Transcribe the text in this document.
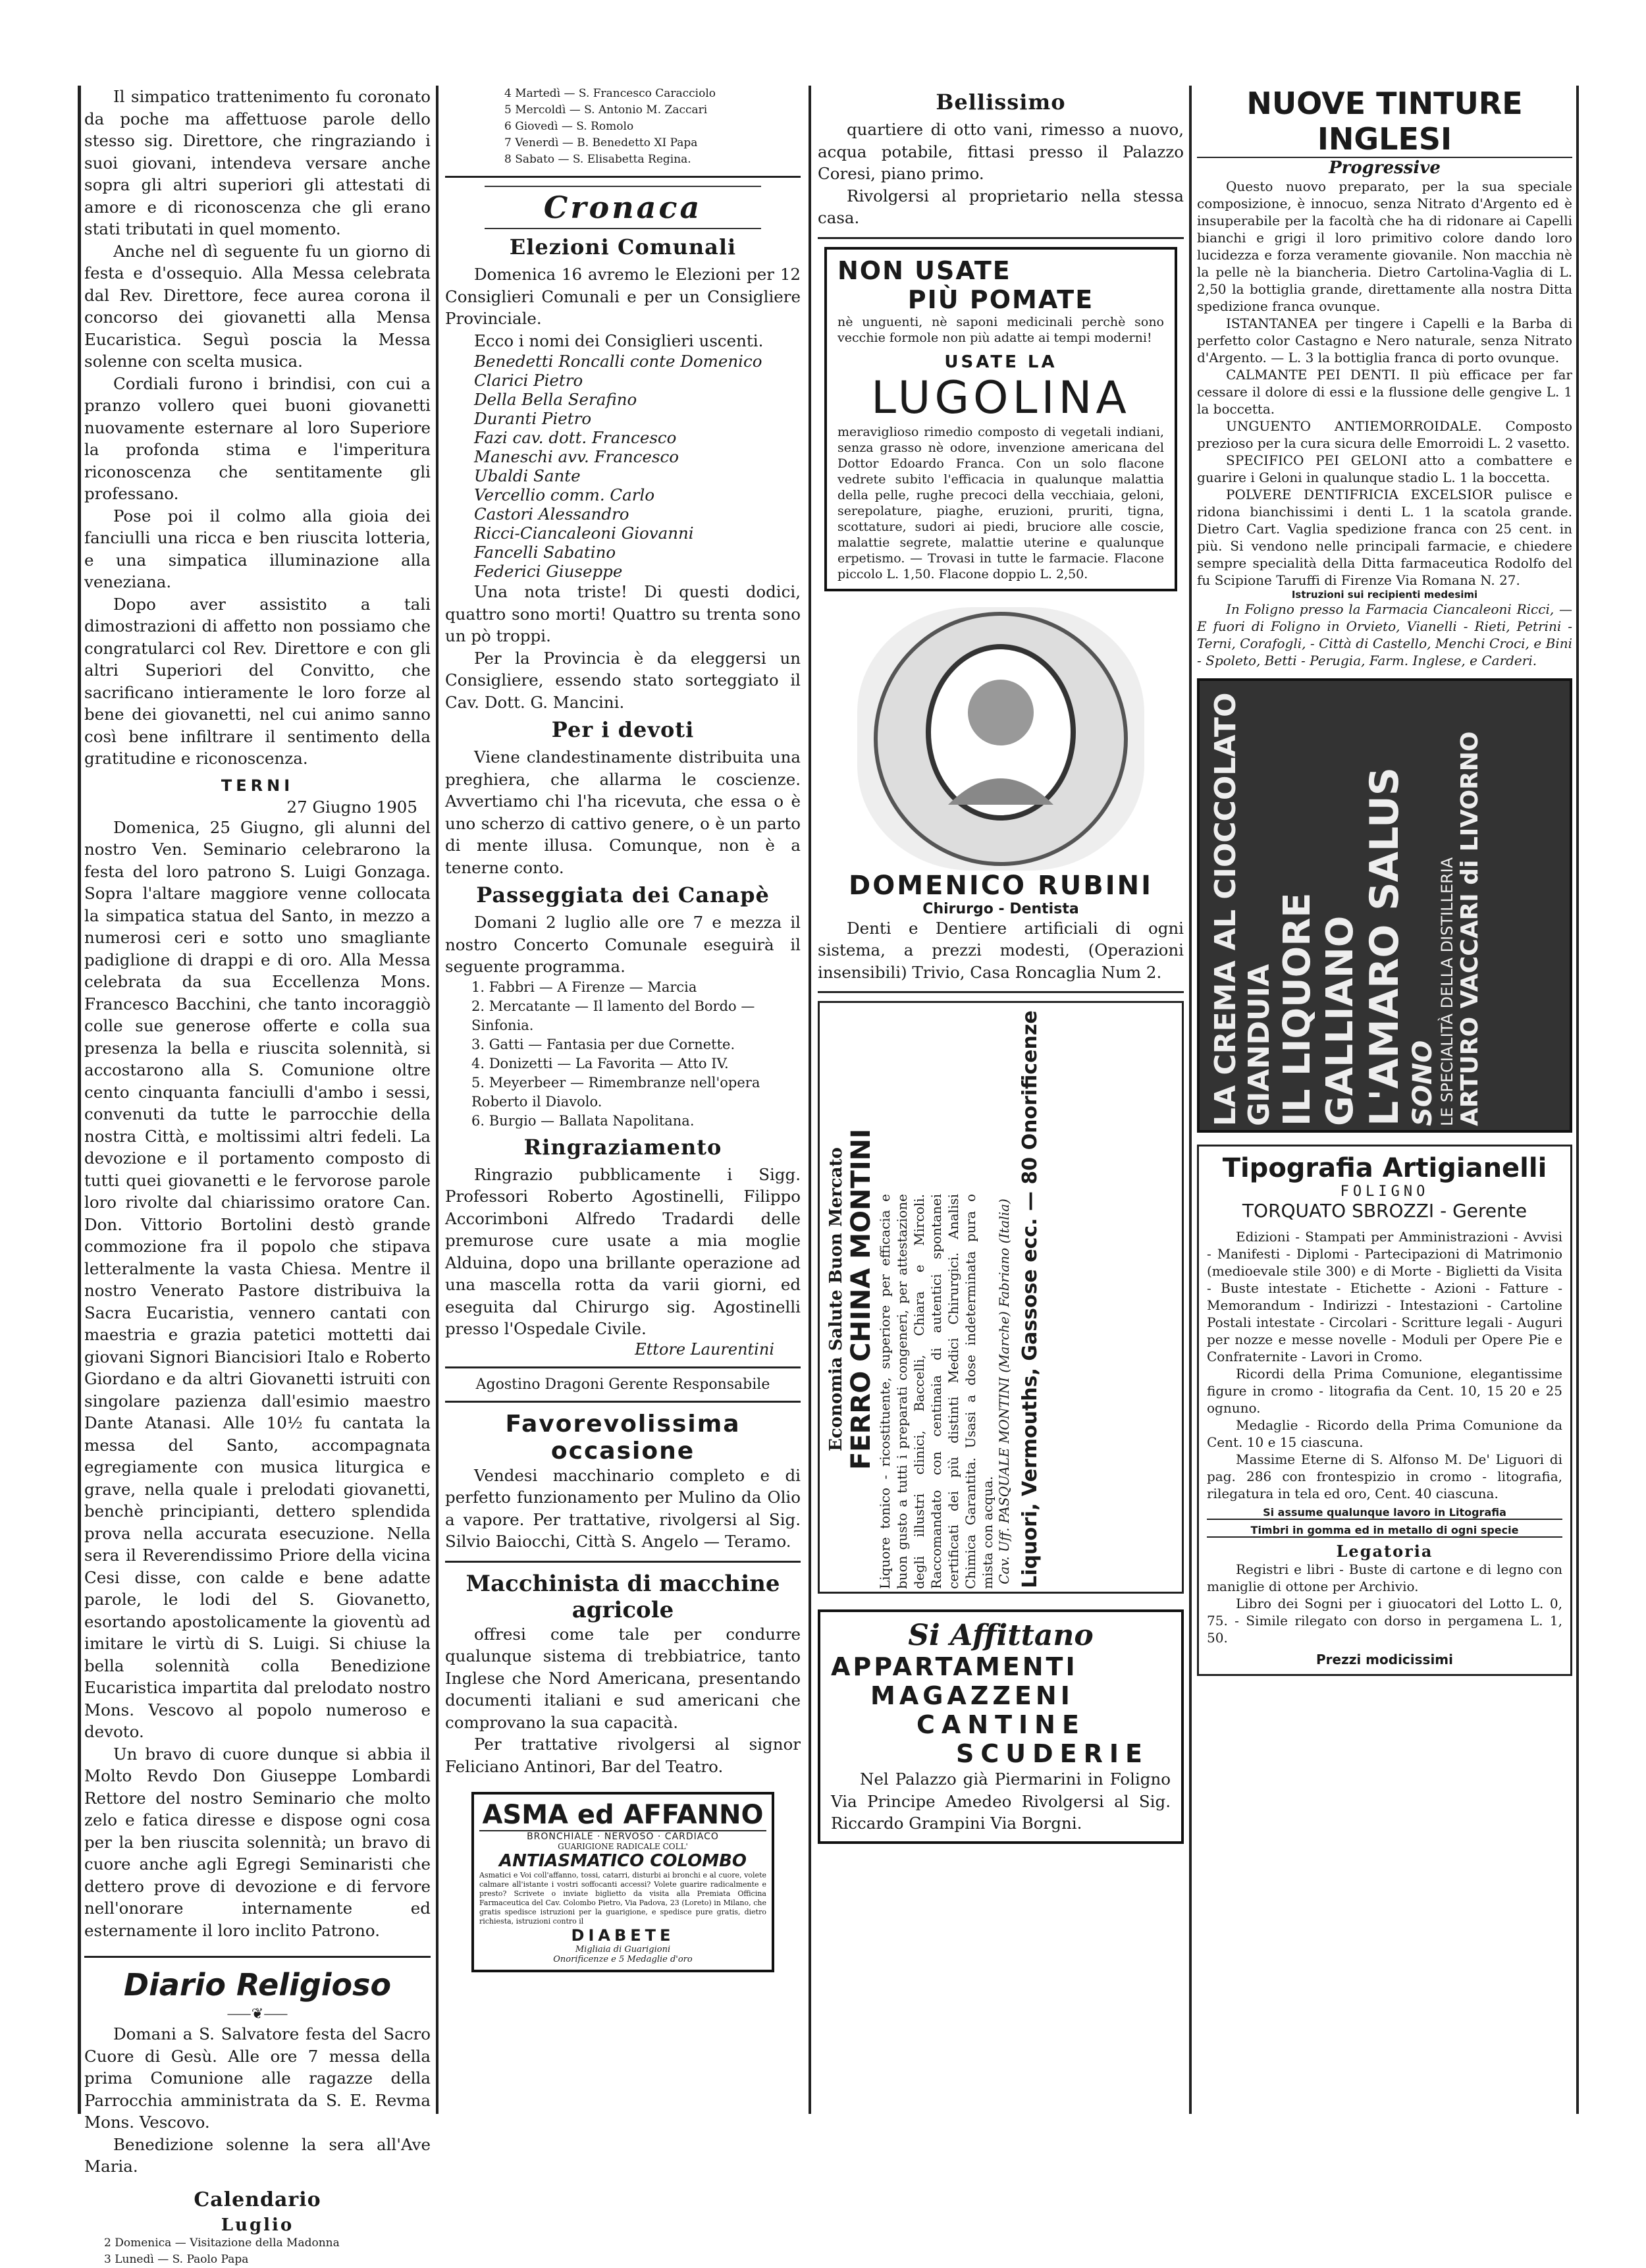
Il simpatico trattenimento fu coronato da poche ma affettuose parole dello stesso sig. Direttore, che ringraziando i suoi giovani, intendeva versare anche sopra gli altri superiori gli attestati di amore e di riconoscenza che gli erano stati tributati in quel momento.

Anche nel dì seguente fu un giorno di festa e d'ossequio. Alla Messa celebrata dal Rev. Direttore, fece aurea corona il concorso dei giovanetti alla Mensa Eucaristica. Seguì poscia la Messa solenne con scelta musica.

Cordiali furono i brindisi, con cui a pranzo vollero quei buoni giovanetti nuovamente esternare al loro Superiore la profonda stima e l'imperitura riconoscenza che sentitamente gli professano.

Pose poi il colmo alla gioia dei fanciulli una ricca e ben riuscita lotteria, e una simpatica illuminazione alla veneziana.

Dopo aver assistito a tali dimostrazioni di affetto non possiamo che congratularci col Rev. Direttore e con gli altri Superiori del Convitto, che sacrificano intieramente le loro forze al bene dei giovanetti, nel cui animo sanno così bene infiltrare il sentimento della gratitudine e riconoscenza.

TERNI
27 Giugno 1905

Domenica, 25 Giugno, gli alunni del nostro Ven. Seminario celebrarono la festa del loro patrono S. Luigi Gonzaga. Sopra l'altare maggiore venne collocata la simpatica statua del Santo, in mezzo a numerosi ceri e sotto uno smagliante padiglione di drappi e di oro. Alla Messa celebrata da sua Eccellenza Mons. Francesco Bacchini, che tanto incoraggiò colle sue generose offerte e colla sua presenza la bella e riuscita solennità, si accostarono alla S. Comunione oltre cento cinquanta fanciulli d'ambo i sessi, convenuti da tutte le parrocchie della nostra Città, e moltissimi altri fedeli. La devozione e il portamento composto di tutti quei giovanetti e le fervorose parole loro rivolte dal chiarissimo oratore Can. Don. Vittorio Bortolini destò grande commozione fra il popolo che stipava letteralmente la vasta Chiesa. Mentre il nostro Venerato Pastore distribuiva la Sacra Eucaristia, vennero cantati con maestria e grazia patetici mottetti dai giovani Signori Biancisiori Italo e Roberto Giordano e da altri Giovanetti istruiti con singolare pazienza dall'esimio maestro Dante Atanasi. Alle 10½ fu cantata la messa del Santo, accompagnata egregiamente con musica liturgica e grave, nella quale i prelodati giovanetti, benchè principianti, dettero splendida prova nella accurata esecuzione. Nella sera il Reverendissimo Priore della vicina Cesi disse, con calde e bene adatte parole, le lodi del S. Giovanetto, esortando apostolicamente la gioventù ad imitare le virtù di S. Luigi. Si chiuse la bella solennità colla Benedizione Eucaristica impartita dal prelodato nostro Mons. Vescovo al popolo numeroso e devoto.

Un bravo di cuore dunque si abbia il Molto Revdo Don Giuseppe Lombardi Rettore del nostro Seminario che molto zelo e fatica diresse e dispose ogni cosa per la ben riuscita solennità; un bravo di cuore anche agli Egregi Seminaristi che dettero prove di devozione e di fervore nell'onorare internamente ed esternamente il loro inclito Patrono.

Diario Religioso
⸺❦⸺

Domani a S. Salvatore festa del Sacro Cuore di Gesù. Alle ore 7 messa della prima Comunione alle ragazze della Parrocchia amministrata da S. E. Revma Mons. Vescovo.

Benedizione solenne la sera all'Ave Maria.

Calendario
Luglio
2 Domenica — Visitazione della Madonna
3 Lunedì — S. Paolo Papa
4 Martedì — S. Francesco Caracciolo
5 Mercoldì — S. Antonio M. Zaccari
6 Giovedì — S. Romolo
7 Venerdì — B. Benedetto XI Papa
8 Sabato — S. Elisabetta Regina.
Cronaca
Elezioni Comunali

Domenica 16 avremo le Elezioni per 12 Consiglieri Comunali e per un Consigliere Provinciale.

Ecco i nomi dei Consiglieri uscenti.

Benedetti Roncalli conte Domenico
Clarici Pietro
Della Bella Serafino
Duranti Pietro
Fazi cav. dott. Francesco
Maneschi avv. Francesco
Ubaldi Sante
Vercellio comm. Carlo
Castori Alessandro
Ricci-Ciancaleoni Giovanni
Fancelli Sabatino
Federici Giuseppe

Una nota triste! Di questi dodici, quattro sono morti! Quattro su trenta sono un pò troppi.

Per la Provincia è da eleggersi un Consigliere, essendo stato sorteggiato il Cav. Dott. G. Mancini.

Per i devoti

Viene clandestinamente distribuita una preghiera, che allarma le coscienze. Avvertiamo chi l'ha ricevuta, che essa o è uno scherzo di cattivo genere, o è un parto di mente illusa. Comunque, non è a tenerne conto.

Passeggiata dei Canapè

Domani 2 luglio alle ore 7 e mezza il nostro Concerto Comunale eseguirà il seguente programma.

1. Fabbri — A Firenze — Marcia
2. Mercatante — Il lamento del Bordo — Sinfonia.
3. Gatti — Fantasia per due Cornette.
4. Donizetti — La Favorita — Atto IV.
5. Meyerbeer — Rimembranze nell'opera Roberto il Diavolo.
6. Burgio — Ballata Napolitana.
Ringraziamento

Ringrazio pubblicamente i Sigg. Professori Roberto Agostinelli, Filippo Accorimboni Alfredo Tradardi delle premurose cure usate a mia moglie Alduina, dopo una brillante operazione ad una mascella rotta da varii giorni, ed eseguita dal Chirurgo sig. Agostinelli presso l'Ospedale Civile.

Ettore Laurentini
Agostino Dragoni Gerente Responsabile
Favorevolissima occasione

Vendesi macchinario completo e di perfetto funzionamento per Mulino da Olio a vapore. Per trattative, rivolgersi al Sig. Silvio Baiocchi, Città S. Angelo — Teramo.

Macchinista di macchine agricole

offresi come tale per condurre qualunque sistema di trebbiatrice, tanto Inglese che Nord Americana, presentando documenti italiani e sud americani che comprovano la sua capacità.

Per trattative rivolgersi al signor Feliciano Antinori, Bar del Teatro.

ASMA ed AFFANNO
BRONCHIALE · NERVOSO · CARDIACO
GUARIGIONE RADICALE COLL'
ANTIASMATICO COLOMBO
Asmatici e Voi coll'affanno, tossi, catarri, disturbi ai bronchi e al cuore, volete calmare all'istante i vostri soffocanti accessi? Volete guarire radicalmente e presto? Scrivete o inviate biglietto da visita alla Premiata Officina Farmaceutica del Cav. Colombo Pietro, Via Padova, 23 (Loreto) in Milano, che gratis spedisce istruzioni per la guarigione, e spedisce pure gratis, dietro richiesta, istruzioni contro il
DIABETE
Migliaia di Guarigioni
Onorificenze e 5 Medaglie d'oro
Bellissimo

quartiere di otto vani, rimesso a nuovo, acqua potabile, fittasi presso il Palazzo Coresi, piano primo.

Rivolgersi al proprietario nella stessa casa.

NON USATE
PIÙ POMATE

nè unguenti, nè saponi medicinali perchè sono vecchie formole non più adatte ai tempi moderni!

USATE LA
LUGOLINA

meraviglioso rimedio composto di vegetali indiani, senza grasso nè odore, invenzione americana del Dottor Edoardo Franca. Con un solo flacone vedrete subito l'efficacia in qualunque malattia della pelle, rughe precoci della vecchiaia, geloni, serepolature, piaghe, eruzioni, pruriti, tigna, scottature, sudori ai piedi, bruciore alle coscie, malattie segrete, malattie uterine e qualunque erpetismo. — Trovasi in tutte le farmacie. Flacone piccolo L. 1,50. Flacone doppio L. 2,50.

DOMENICO RUBINI
Chirurgo - Dentista

Denti e Dentiere artificiali di ogni sistema, a prezzi modesti, (Operazioni insensibili) Trivio, Casa Roncaglia Num 2.

Economia Salute Buon Mercato FERRO CHINA MONTINI Liquore tonico - ricostituente, superiore per efficacia e buon gusto a tutti i preparati congeneri, per attestazione degli illustri clinici, Baccelli, Chiara e Mircoli. Raccomandato con centinaia di autentici spontanei certificati dei più distinti Medici Chirurgici. Analisi Chimica Garantita. Usasi a dose indeterminata pura o mista con acqua. Cav. Uff. PASQUALE MONTINI (Marche) Fabriano (Italia) Liquori, Vermouths, Gassose ecc. — 80 Onorificenze
Si Affittano
APPARTAMENTI
MAGAZZENI
CANTINE
SCUDERIE

Nel Palazzo già Piermarini in Foligno Via Principe Amedeo Rivolgersi al Sig. Riccardo Grampini Via Borgni.

NUOVE TINTURE INGLESI
Progressive

Questo nuovo preparato, per la sua speciale composizione, è innocuo, senza Nitrato d'Argento ed è insuperabile per la facoltà che ha di ridonare ai Capelli bianchi e grigi il loro primitivo colore dando loro lucidezza e forza veramente giovanile. Non macchia nè la pelle nè la biancheria. Dietro Cartolina-Vaglia di L. 2,50 la bottiglia grande, direttamente alla nostra Ditta spedizione franca ovunque.

ISTANTANEA per tingere i Capelli e la Barba di perfetto color Castagno e Nero naturale, senza Nitrato d'Argento. — L. 3 la bottiglia franca di porto ovunque.

CALMANTE PEI DENTI. Il più efficace per far cessare il dolore di essi e la flussione delle gengive L. 1 la boccetta.

UNGUENTO ANTIEMORROIDALE. Composto prezioso per la cura sicura delle Emorroidi L. 2 vasetto.

SPECIFICO PEI GELONI atto a combattere e guarire i Geloni in qualunque stadio L. 1 la boccetta.

POLVERE DENTIFRICIA EXCELSIOR pulisce e ridona bianchissimi i denti L. 1 la scatola grande. Dietro Cart. Vaglia spedizione franca con 25 cent. in più. Si vendono nelle principali farmacie, e chiedere sempre specialità della Ditta farmaceutica Rodolfo del fu Scipione Taruffi di Firenze Via Romana N. 27.

Istruzioni sui recipienti medesimi

In Foligno presso la Farmacia Ciancaleoni Ricci, — E fuori di Foligno in Orvieto, Vianelli - Rieti, Petrini - Terni, Corafogli, - Città di Castello, Menchi Croci, e Bini - Spoleto, Betti - Perugia, Farm. Inglese, e Carderi.

LA CREMA AL CIOCCOLATO GIANDUIA IL LIQUORE GALLIANO L'AMARO SALUS SONO LE SPECIALITÀ DELLA DISTILLERIA ARTURO VACCARI di LIVORNO
Tipografia Artigianelli
FOLIGNO
TORQUATO SBROZZI - Gerente

Edizioni - Stampati per Amministrazioni - Avvisi - Manifesti - Diplomi - Partecipazioni di Matrimonio (medioevale stile 300) e di Morte - Biglietti da Visita - Buste intestate - Etichette - Azioni - Fatture - Memorandum - Indirizzi - Intestazioni - Cartoline Postali intestate - Circolari - Scritture legali - Auguri per nozze e messe novelle - Moduli per Opere Pie e Confraternite - Lavori in Cromo.

Ricordi della Prima Comunione, elegantissime figure in cromo - litografia da Cent. 10, 15 20 e 25 ognuno.

Medaglie - Ricordo della Prima Comunione da Cent. 10 e 15 ciascuna.

Massime Eterne di S. Alfonso M. De' Liguori di pag. 286 con frontespizio in cromo - litografia, rilegatura in tela ed oro, Cent. 40 ciascuna.

Si assume qualunque lavoro in Litografia
Timbri in gomma ed in metallo di ogni specie
Legatoria

Registri e libri - Buste di cartone e di legno con maniglie di ottone per Archivio.

Libro dei Sogni per i giuocatori del Lotto L. 0, 75. - Simile rilegato con dorso in pergamena L. 1, 50.

Prezzi modicissimi
